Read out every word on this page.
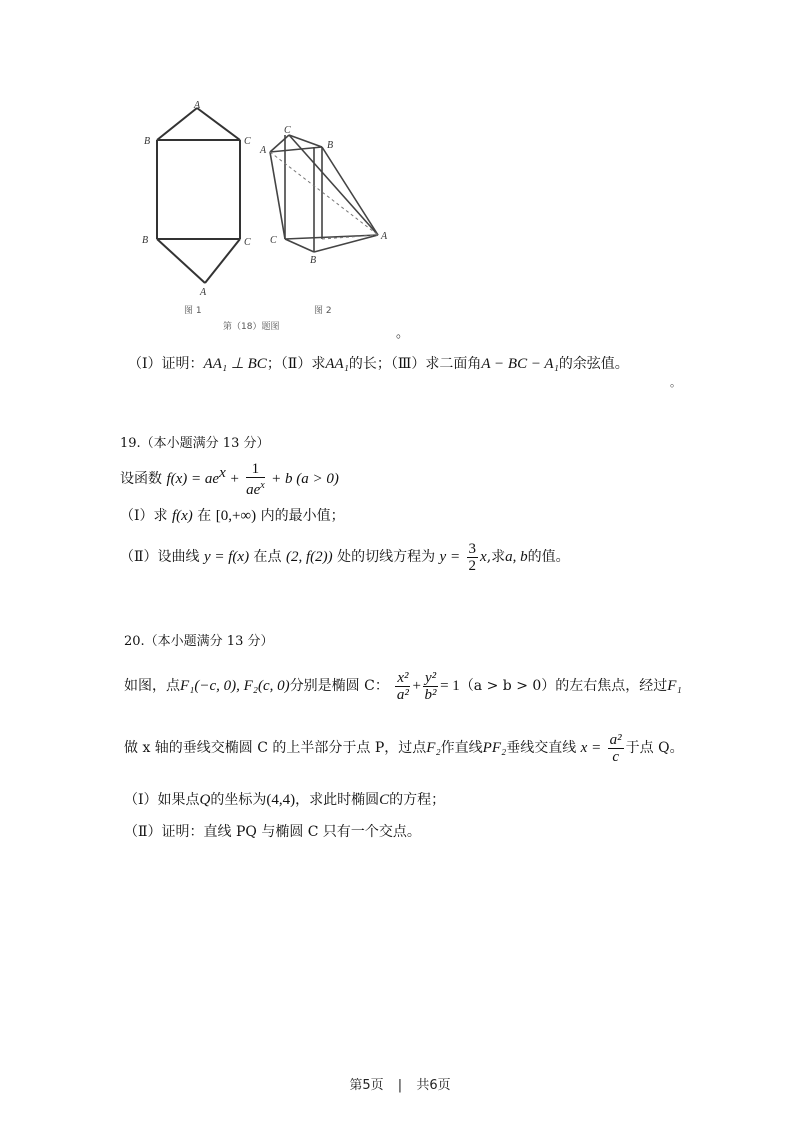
A
B	C
B	C
A
C
A	B
C
B
A
图 1	图 2
第（18）题图	。
（Ⅰ）证明：AA₁ ⊥ BC；（Ⅱ）求AA₁的长；（Ⅲ）求二面角A − BC − A₁的余弦值。
。
19.（本小题满分 13 分）
设函数 $f(x) = ae^x + \frac{1}{ae^x} + b$ (a > 0)
（Ⅰ）求 f(x) 在 [0,+∞) 内的最小值；
（Ⅱ）设曲线 y = f(x) 在点 (2, f(2)) 处的切线方程为 $y = \frac{3}{2} x$,求a, b的值。
20.（本小题满分 13 分）
如图，点F₁(−c, 0), F₂(c, 0)分别是椭圆 C： $\frac{\text{x²}}{\text{a²}} + \frac{\text{y²}}{\text{b²}} = 1(a > b > 0)$的左右焦点，经过F₁
做 x 轴的垂线交椭圆 C 的上半部分于点 P，过点F₂作直线PF₂垂线交直线 $x = \frac{\text{a²}}{c}$ 于点 Q。
（Ⅰ）如果点Q的坐标为(4,4)，求此时椭圆C的方程；
（Ⅱ）证明：直线 PQ 与椭圆 C 只有一个交点。
第5页 | 共6页
